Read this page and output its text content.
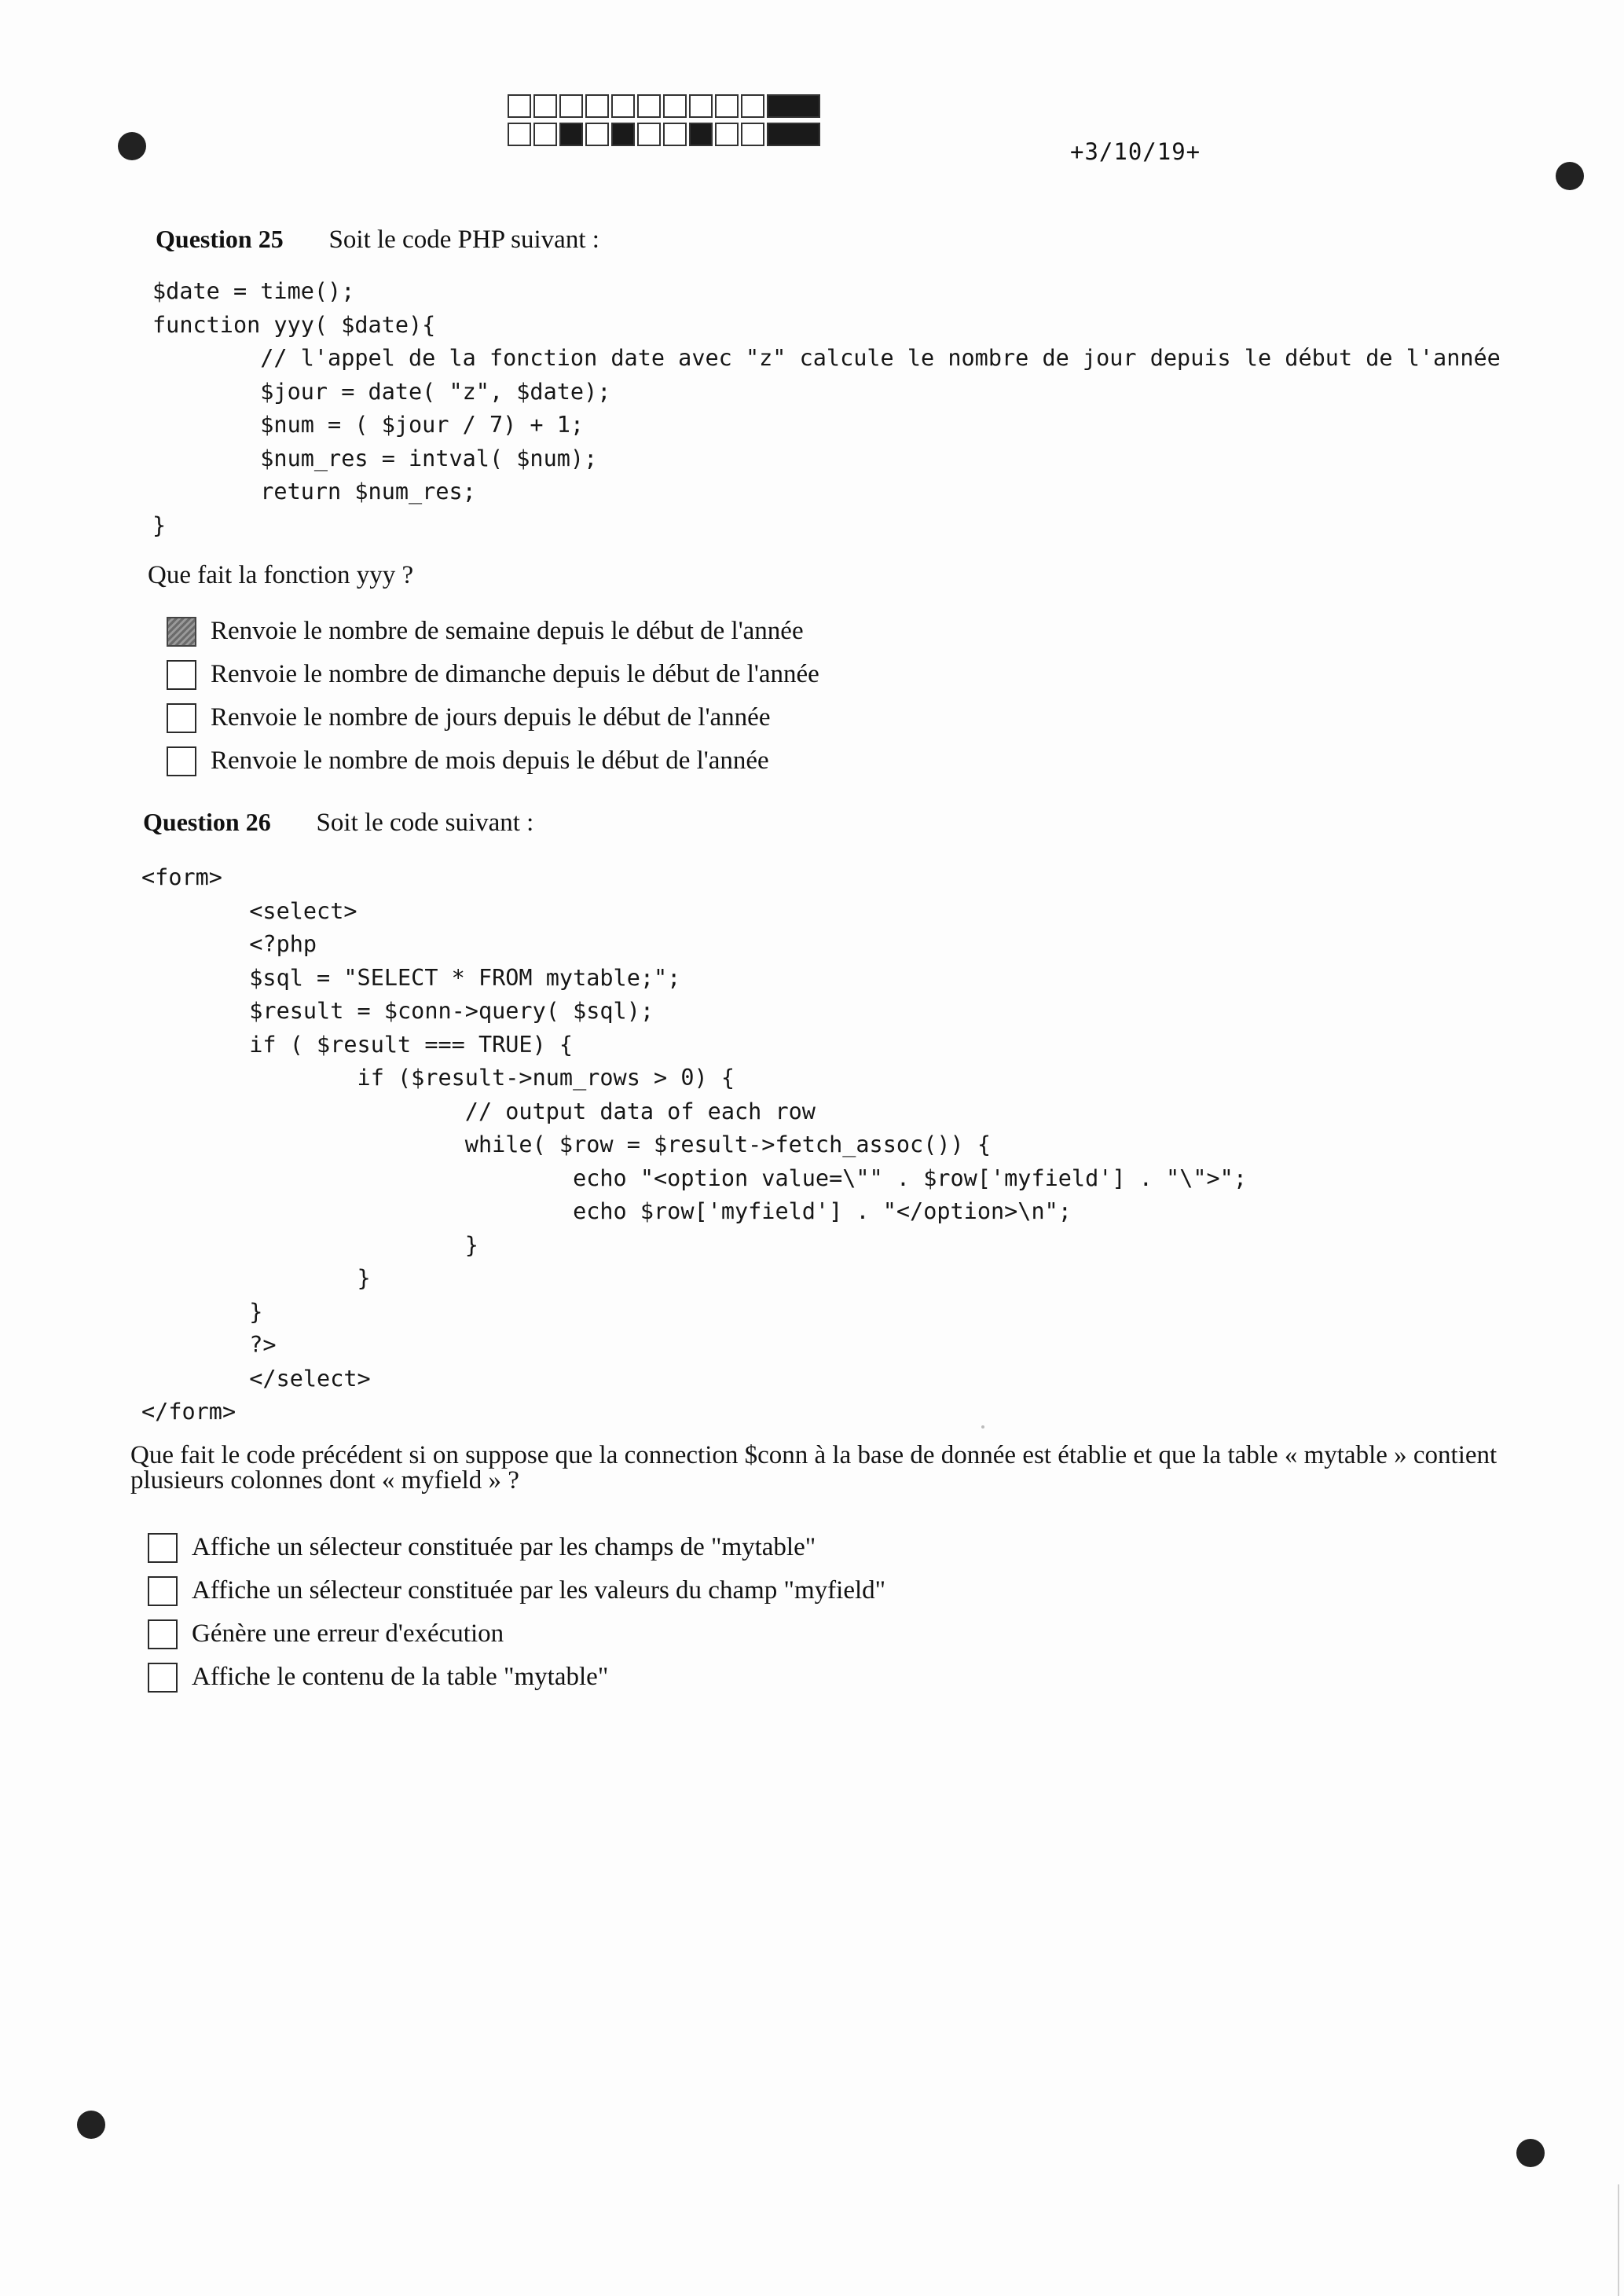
+3/10/19+
Question 25 Soit le code PHP suivant :
$date = time();
function yyy( $date){
// l'appel de la fonction date avec "z" calcule le nombre de jour depuis le début de l'année
$jour = date( "z", $date);
$num = ( $jour / 7) + 1;
$num_res = intval( $num);
return $num_res;
}
Que fait la fonction yyy ?
Renvoie le nombre de semaine depuis le début de l'année
Renvoie le nombre de dimanche depuis le début de l'année
Renvoie le nombre de jours depuis le début de l'année
Renvoie le nombre de mois depuis le début de l'année
Question 26 Soit le code suivant :
<form>
<select>
<?php
$sql = "SELECT * FROM mytable;";
$result = $conn->query( $sql);
if ( $result === TRUE) {
if ($result->num_rows > 0) {
// output data of each row
while( $row = $result->fetch_assoc()) {
echo "<option value=\"" . $row['myfield'] . "\">";
echo $row['myfield'] . "</option>\n";
}
}
}
?>
</select>
</form>
Que fait le code précédent si on suppose que la connection $conn à la base de donnée est établie et que la table « mytable » contient plusieurs colonnes dont « myfield » ?
Affiche un sélecteur constituée par les champs de "mytable"
Affiche un sélecteur constituée par les valeurs du champ "myfield"
Génère une erreur d'exécution
Affiche le contenu de la table "mytable"
